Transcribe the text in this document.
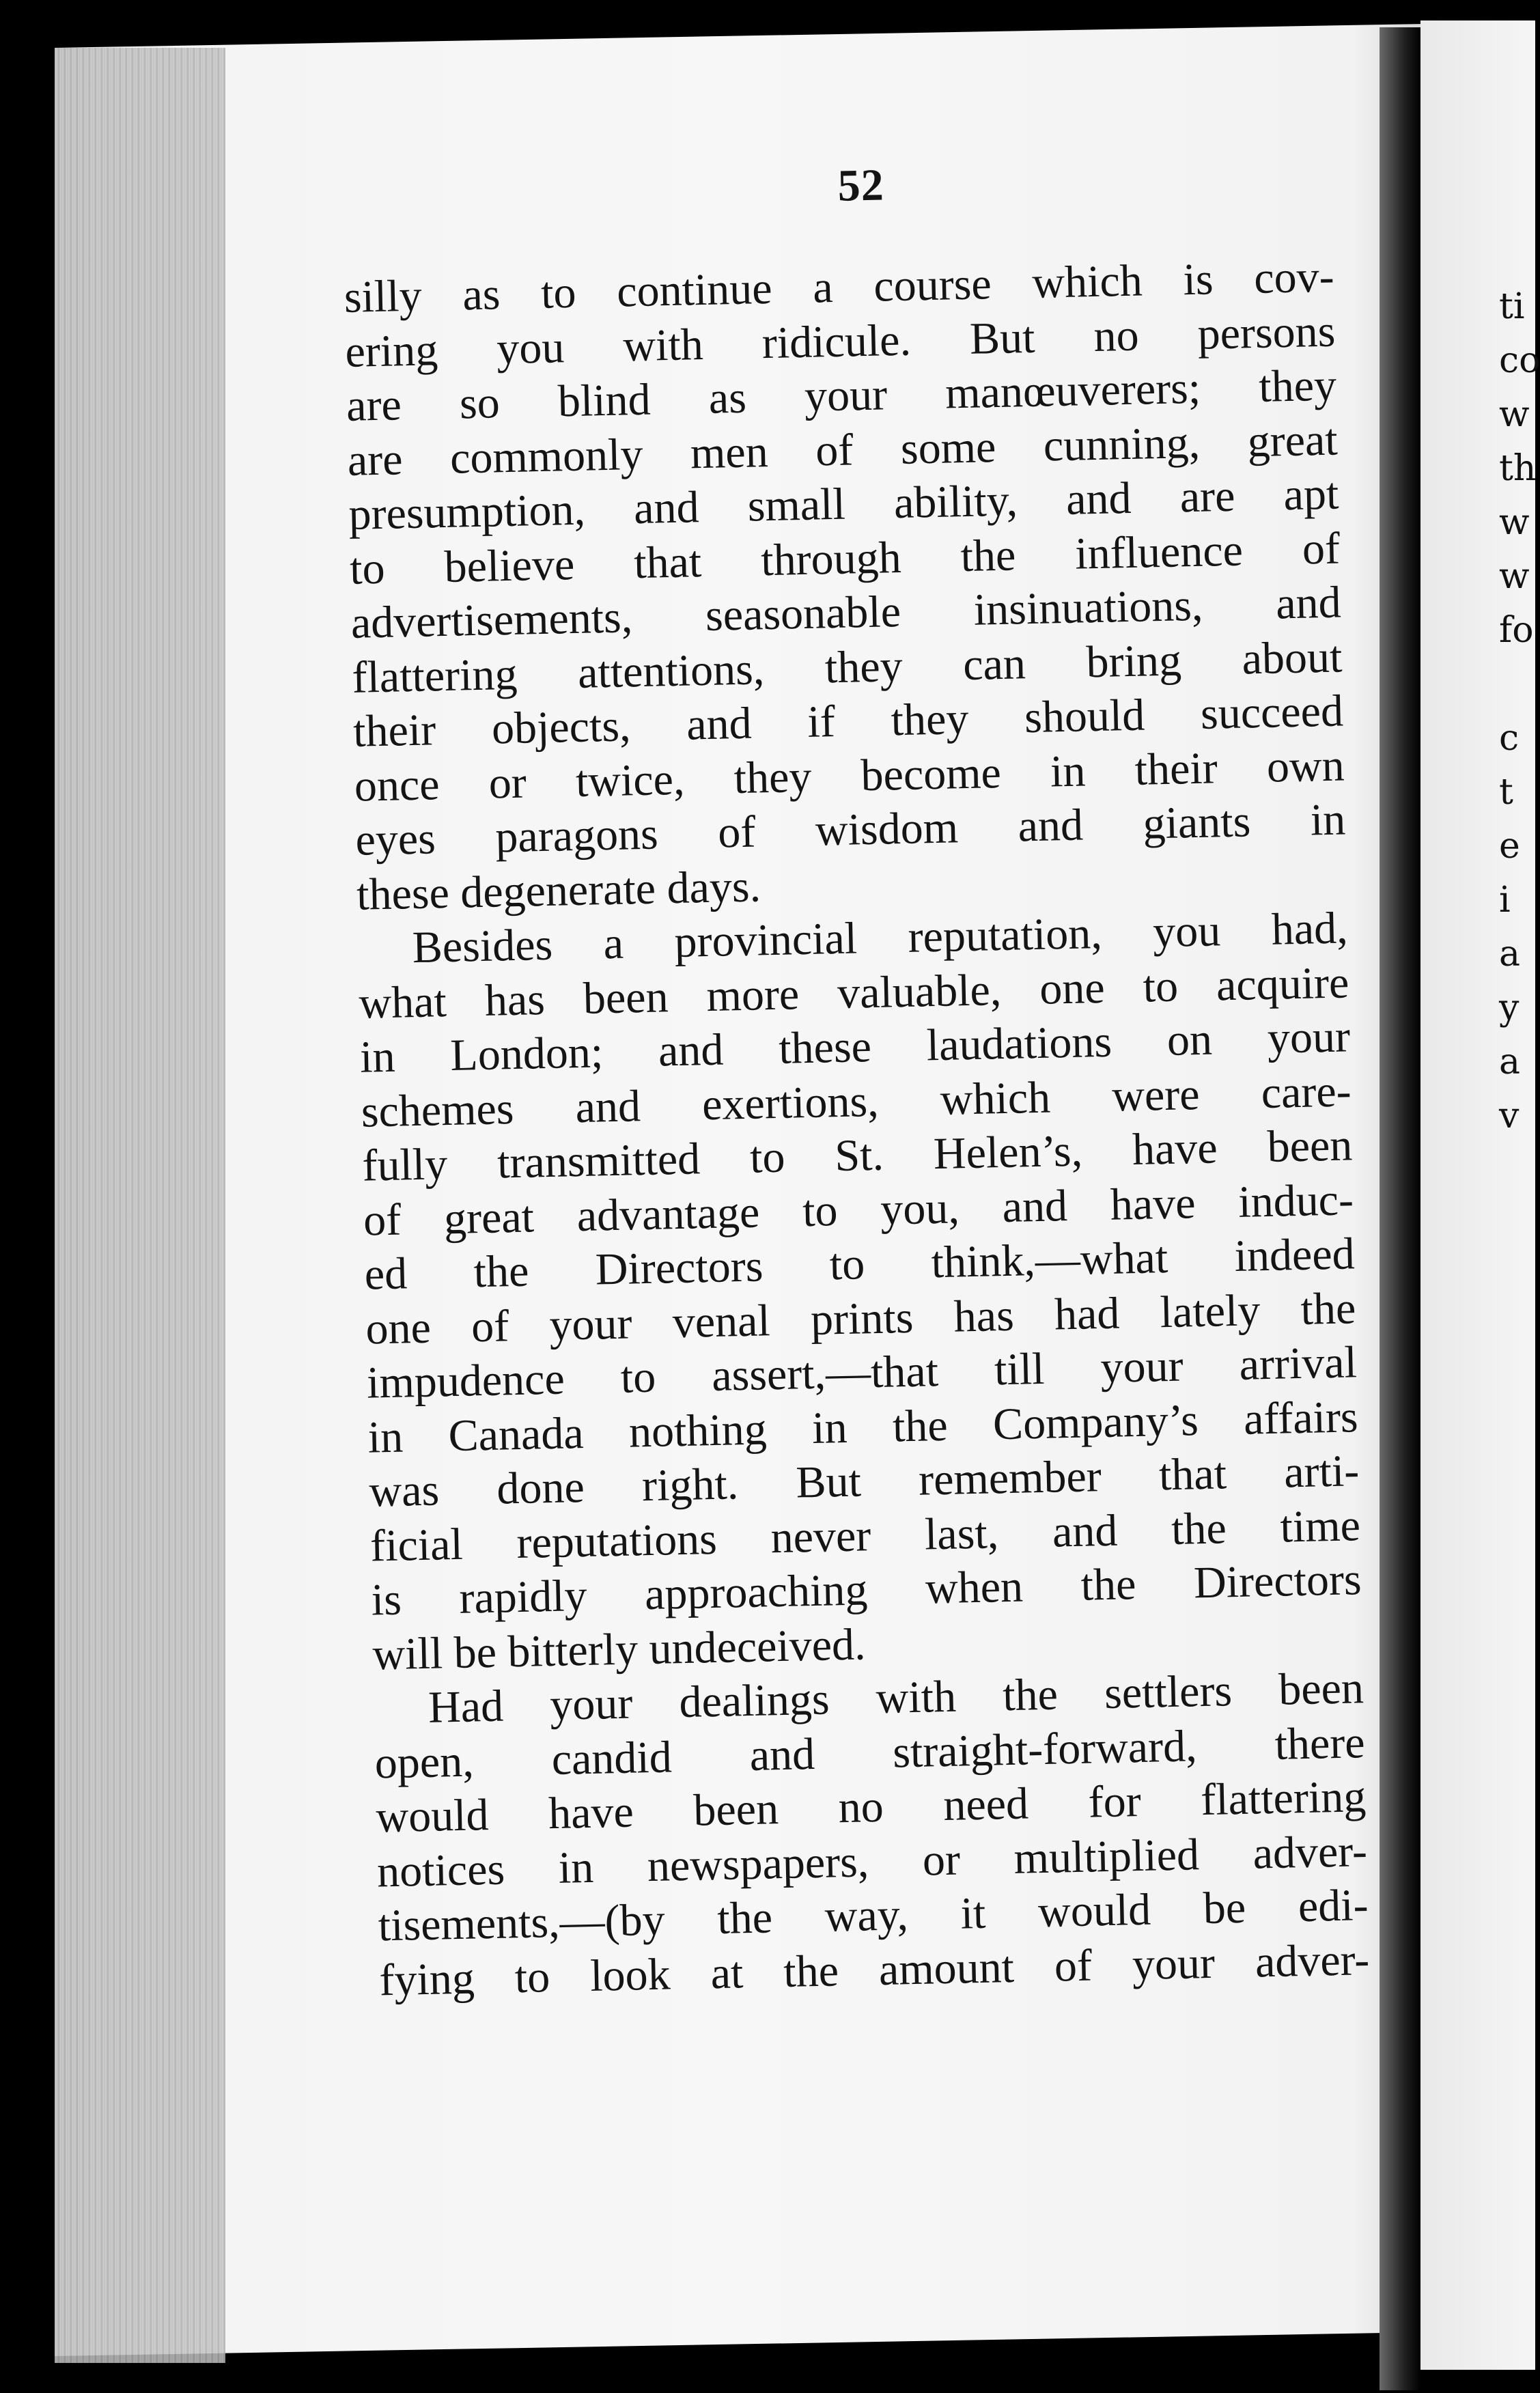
ti
co
w
th
w
w
fo

c
t
e
i
a
y
a
v
52
silly as to continue a course which is cov-
ering you with ridicule. But no persons
are so blind as your manœuverers; they
are commonly men of some cunning, great
presumption, and small ability, and are apt
to believe that through the influence of
advertisements, seasonable insinuations, and
flattering attentions, they can bring about
their objects, and if they should succeed
once or twice, they become in their own
eyes paragons of wisdom and giants in
these degenerate days.
Besides a provincial reputation, you had,
what has been more valuable, one to acquire
in London; and these laudations on your
schemes and exertions, which were care-
fully transmitted to St. Helen’s, have been
of great advantage to you, and have induc-
ed the Directors to think,—what indeed
one of your venal prints has had lately the
impudence to assert,—that till your arrival
in Canada nothing in the Company’s affairs
was done right. But remember that arti-
ficial reputations never last, and the time
is rapidly approaching when the Directors
will be bitterly undeceived.
Had your dealings with the settlers been
open, candid and straight-forward, there
would have been no need for flattering
notices in newspapers, or multiplied adver-
tisements,—(by the way, it would be edi-
fying to look at the amount of your adver-
